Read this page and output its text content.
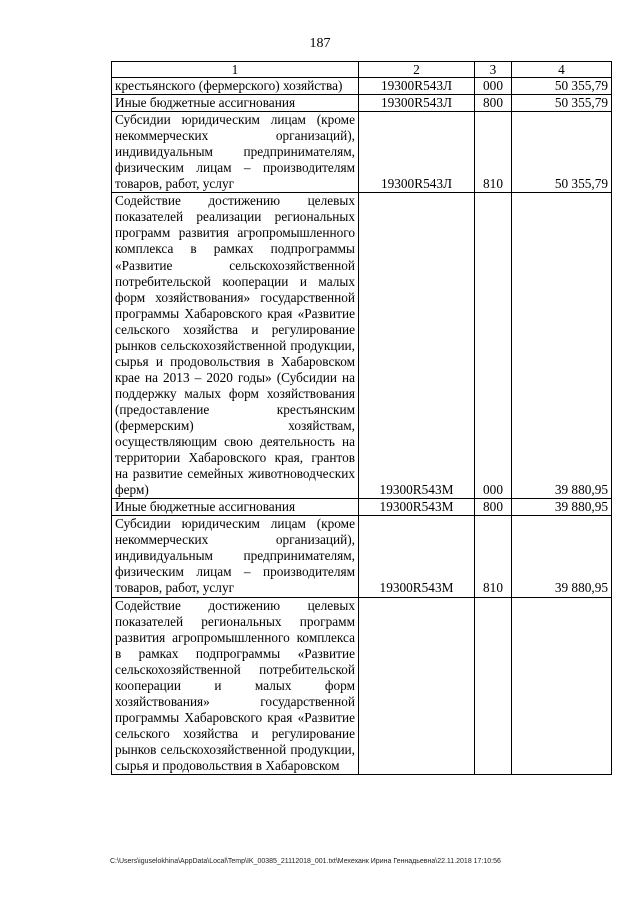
187
1	2	3	4
крестьянского (фермерского) хозяйства)	19300R543Л	000	50 355,79
Иные бюджетные ассигнования	19300R543Л	800	50 355,79
Субсидии юридическим лицам (кроме некоммерческих организаций), индивидуальным предпринимателям, физическим лицам – производителям товаров, работ, услуг	19300R543Л	810	50 355,79
Содействие достижению целевых показателей реализации региональных программ развития агропромышленного комплекса в рамках подпрограммы «Развитие сельскохозяйственной потребительской кооперации и малых форм хозяйствования» государственной программы Хабаровского края «Развитие сельского хозяйства и регулирование рынков сельскохозяйственной продукции, сырья и продовольствия в Хабаровском крае на 2013 – 2020 годы» (Субсидии на поддержку малых форм хозяйствования (предоставление крестьянским (фермерским) хозяйствам, осуществляющим свою деятельность на территории Хабаровского края, грантов на развитие семейных животноводческих ферм)	19300R543М	000	39 880,95
Иные бюджетные ассигнования	19300R543М	800	39 880,95
Субсидии юридическим лицам (кроме некоммерческих организаций), индивидуальным предпринимателям, физическим лицам – производителям товаров, работ, услуг	19300R543М	810	39 880,95
Содействие достижению целевых показателей региональных программ развития агропромышленного комплекса в рамках подпрограммы «Развитие сельскохозяйственной потребительской кооперации и малых форм хозяйствования» государственной программы Хабаровского края «Развитие сельского хозяйства и регулирование рынков сельскохозяйственной продукции, сырья и продовольствия в Хабаровском			
C:\Users\iguselokhina\AppData\Local\Temp\IK_00385_21112018_001.txt\Мехеханк Ирина Геннадьевна\22.11.2018 17:10:56
